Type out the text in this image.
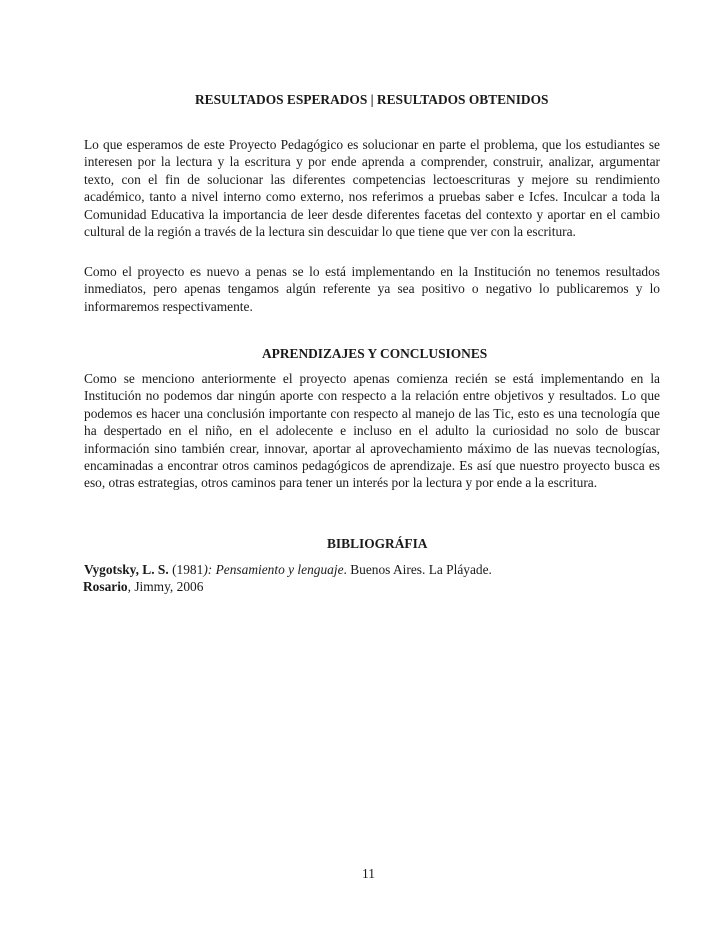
RESULTADOS ESPERADOS | RESULTADOS OBTENIDOS

Lo que esperamos de este Proyecto Pedagógico es solucionar en parte el problema, que los estudiantes se interesen por la lectura y la escritura y por ende aprenda a comprender, construir, analizar, argumentar texto, con el fin de solucionar las diferentes competencias lectoescrituras y mejore su rendimiento académico, tanto a nivel interno como externo, nos referimos a pruebas saber e Icfes. Inculcar a toda la Comunidad Educativa la importancia de leer desde diferentes facetas del contexto y aportar en el cambio cultural de la región a través de la lectura sin descuidar lo que tiene que ver con la escritura.

Como el proyecto es nuevo a penas se lo está implementando en la Institución no tenemos resultados inmediatos, pero apenas tengamos algún referente ya sea positivo o negativo lo publicaremos y lo informaremos respectivamente.

APRENDIZAJES Y CONCLUSIONES

Como se menciono anteriormente el proyecto apenas comienza recién se está implementando en la Institución no podemos dar ningún aporte con respecto a la relación entre objetivos y resultados. Lo que podemos es hacer una conclusión importante con respecto al manejo de las Tic, esto es una tecnología que ha despertado en el niño, en el adolecente e incluso en el adulto la curiosidad no solo de buscar información sino también crear, innovar, aportar al aprovechamiento máximo de las nuevas tecnologías, encaminadas a encontrar otros caminos pedagógicos de aprendizaje. Es así que nuestro proyecto busca es eso, otras estrategias, otros caminos para tener un interés por la lectura y por ende a la escritura.

BIBLIOGRÁFIA

Vygotsky, L. S. (1981): Pensamiento y lenguaje. Buenos Aires. La Pláyade.

Rosario, Jimmy, 2006

11
